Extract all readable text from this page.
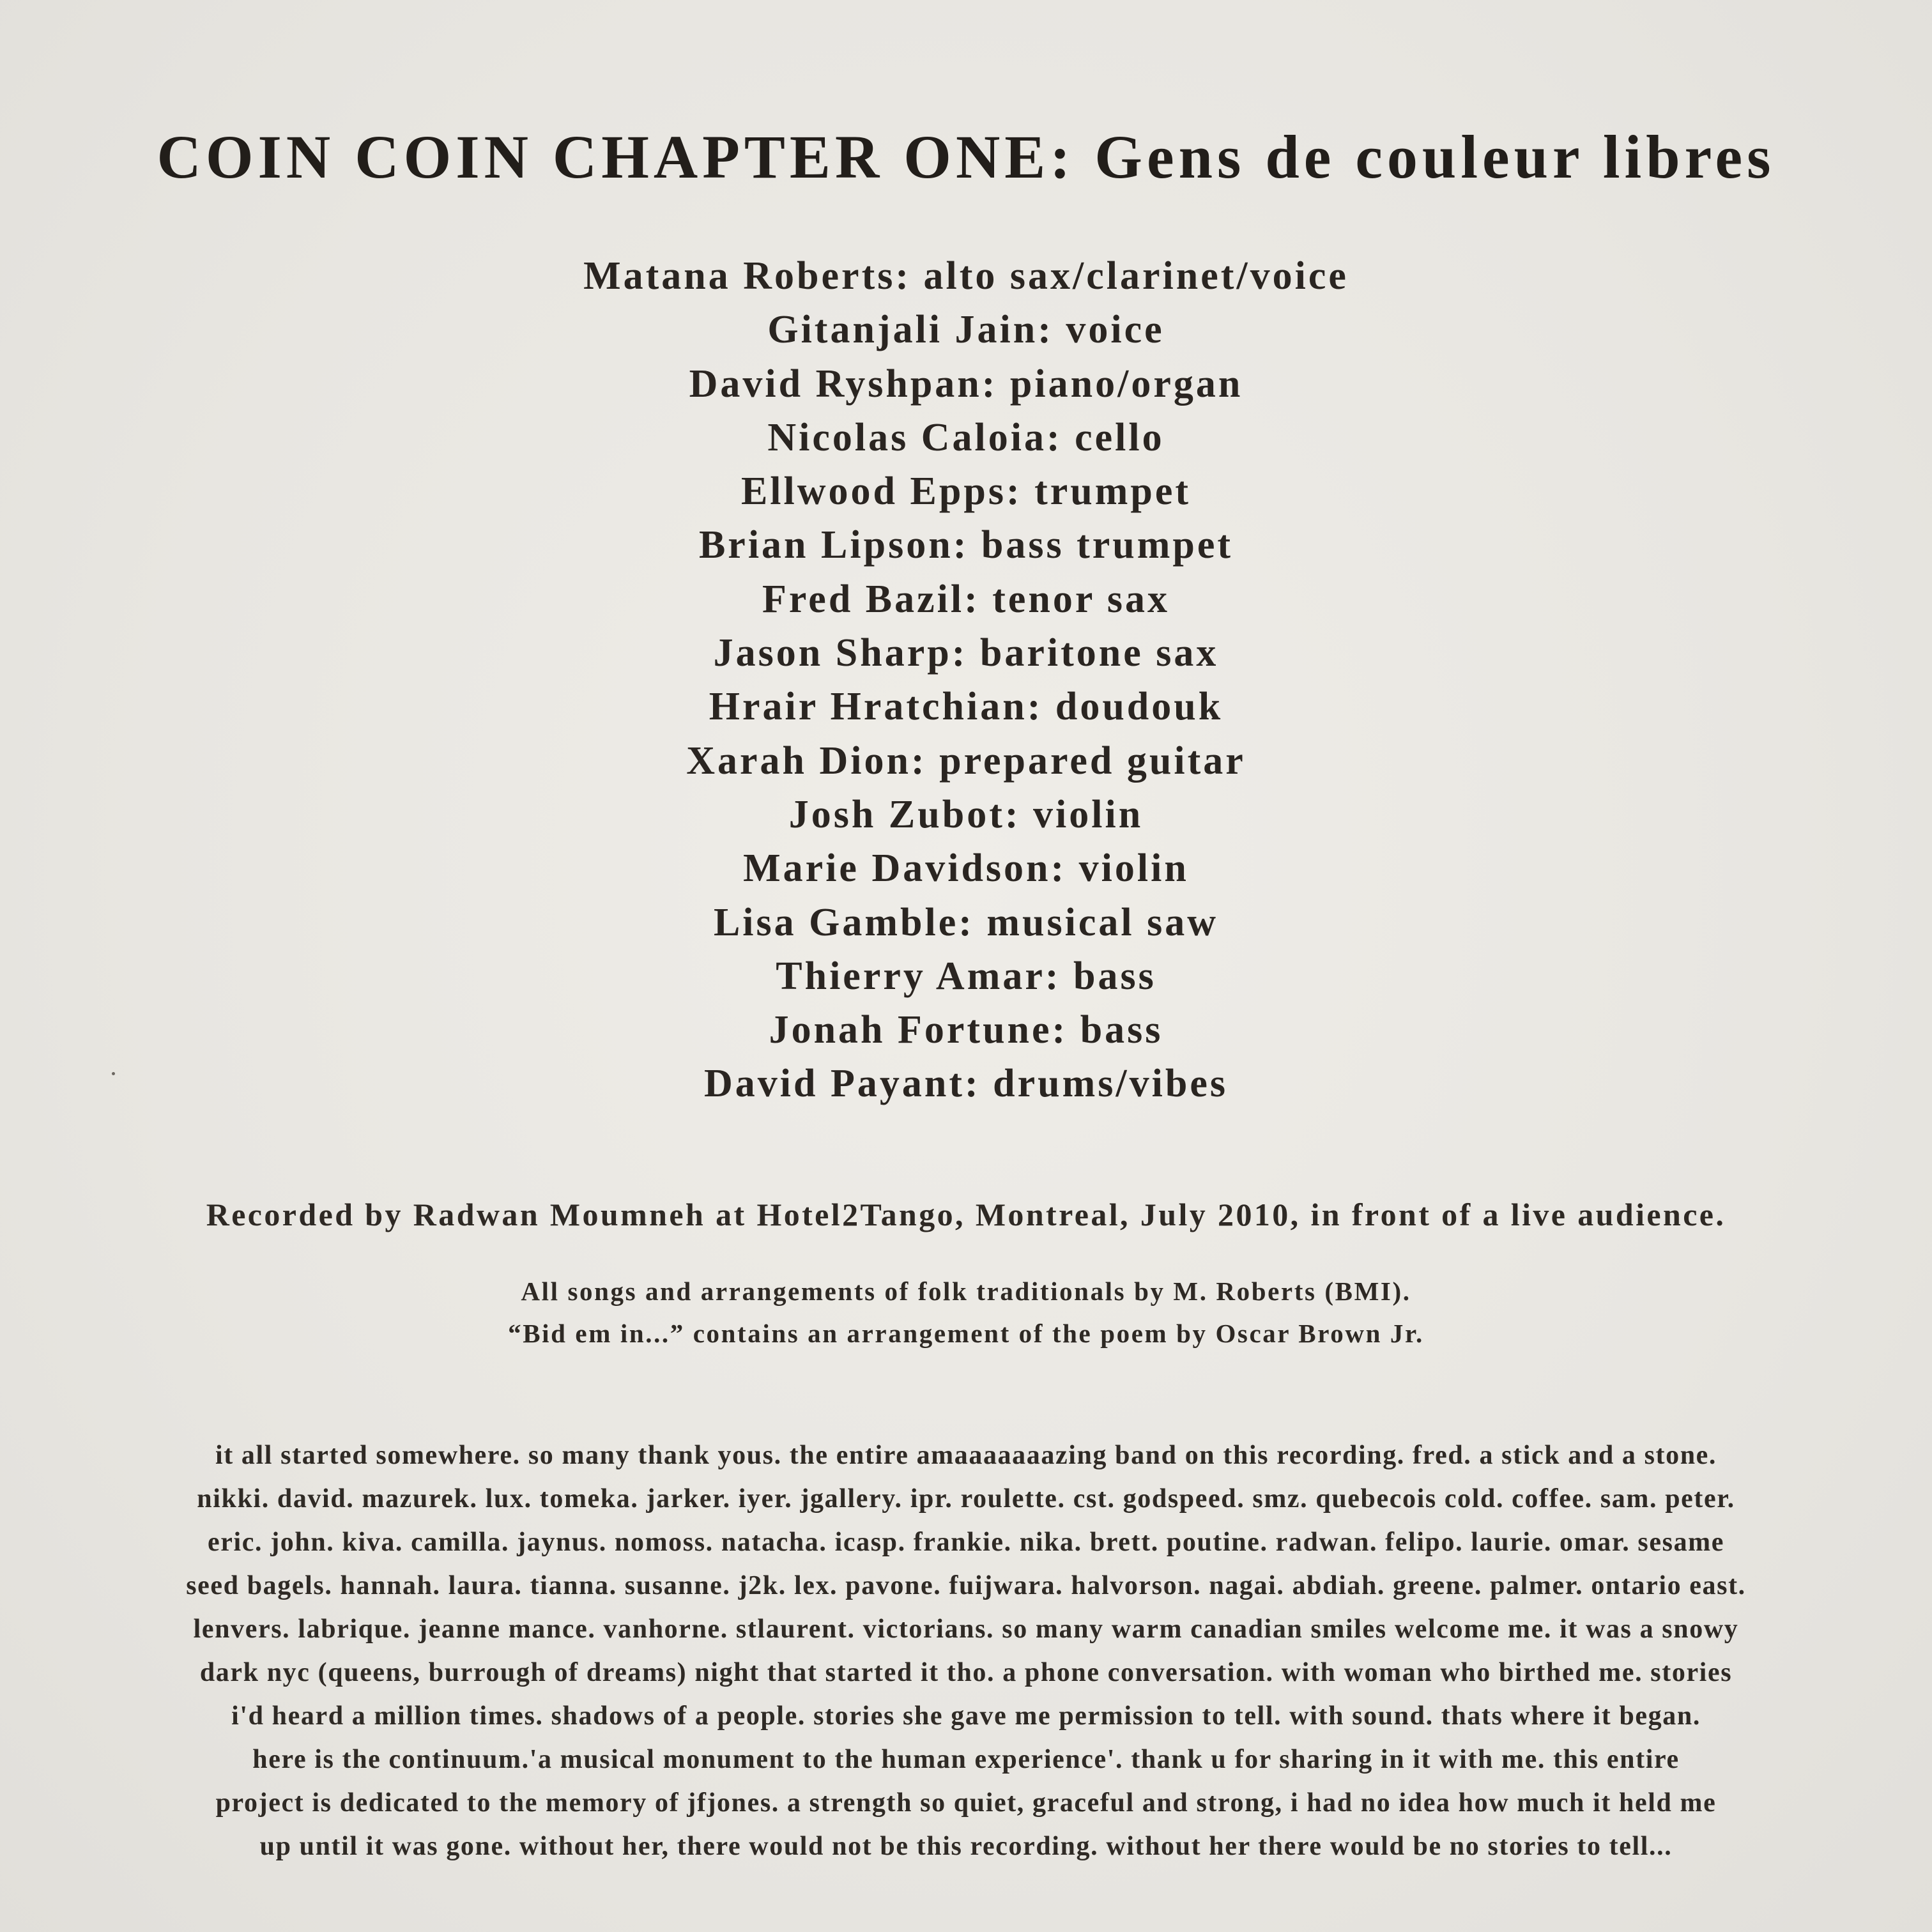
COIN COIN CHAPTER ONE: Gens de couleur libres
Matana Roberts: alto sax/clarinet/voice
Gitanjali Jain: voice
David Ryshpan: piano/organ
Nicolas Caloia: cello
Ellwood Epps: trumpet
Brian Lipson: bass trumpet
Fred Bazil: tenor sax
Jason Sharp: baritone sax
Hrair Hratchian: doudouk
Xarah Dion: prepared guitar
Josh Zubot: violin
Marie Davidson: violin
Lisa Gamble: musical saw
Thierry Amar: bass
Jonah Fortune: bass
David Payant: drums/vibes
Recorded by Radwan Moumneh at Hotel2Tango, Montreal, July 2010, in front of a live audience.
All songs and arrangements of folk traditionals by M. Roberts (BMI).
“Bid em in...” contains an arrangement of the poem by Oscar Brown Jr.
it all started somewhere. so many thank yous. the entire amaaaaaaazing band on this recording. fred. a stick and a stone.
nikki. david. mazurek. lux. tomeka. jarker. iyer. jgallery. ipr. roulette. cst. godspeed. smz. quebecois cold. coffee. sam. peter.
eric. john. kiva. camilla. jaynus. nomoss. natacha. icasp. frankie. nika. brett. poutine. radwan. felipo. laurie. omar. sesame
seed bagels. hannah. laura. tianna. susanne. j2k. lex. pavone. fuijwara. halvorson. nagai. abdiah. greene. palmer. ontario east.
lenvers. labrique. jeanne mance. vanhorne. stlaurent. victorians. so many warm canadian smiles welcome me. it was a snowy
dark nyc (queens, burrough of dreams) night that started it tho. a phone conversation. with woman who birthed me. stories
i'd heard a million times. shadows of a people. stories she gave me permission to tell. with sound. thats where it began.
here is the continuum.'a musical monument to the human experience'. thank u for sharing in it with me. this entire
project is dedicated to the memory of jfjones. a strength so quiet, graceful and strong, i had no idea how much it held me
up until it was gone. without her, there would not be this recording. without her there would be no stories to tell...
